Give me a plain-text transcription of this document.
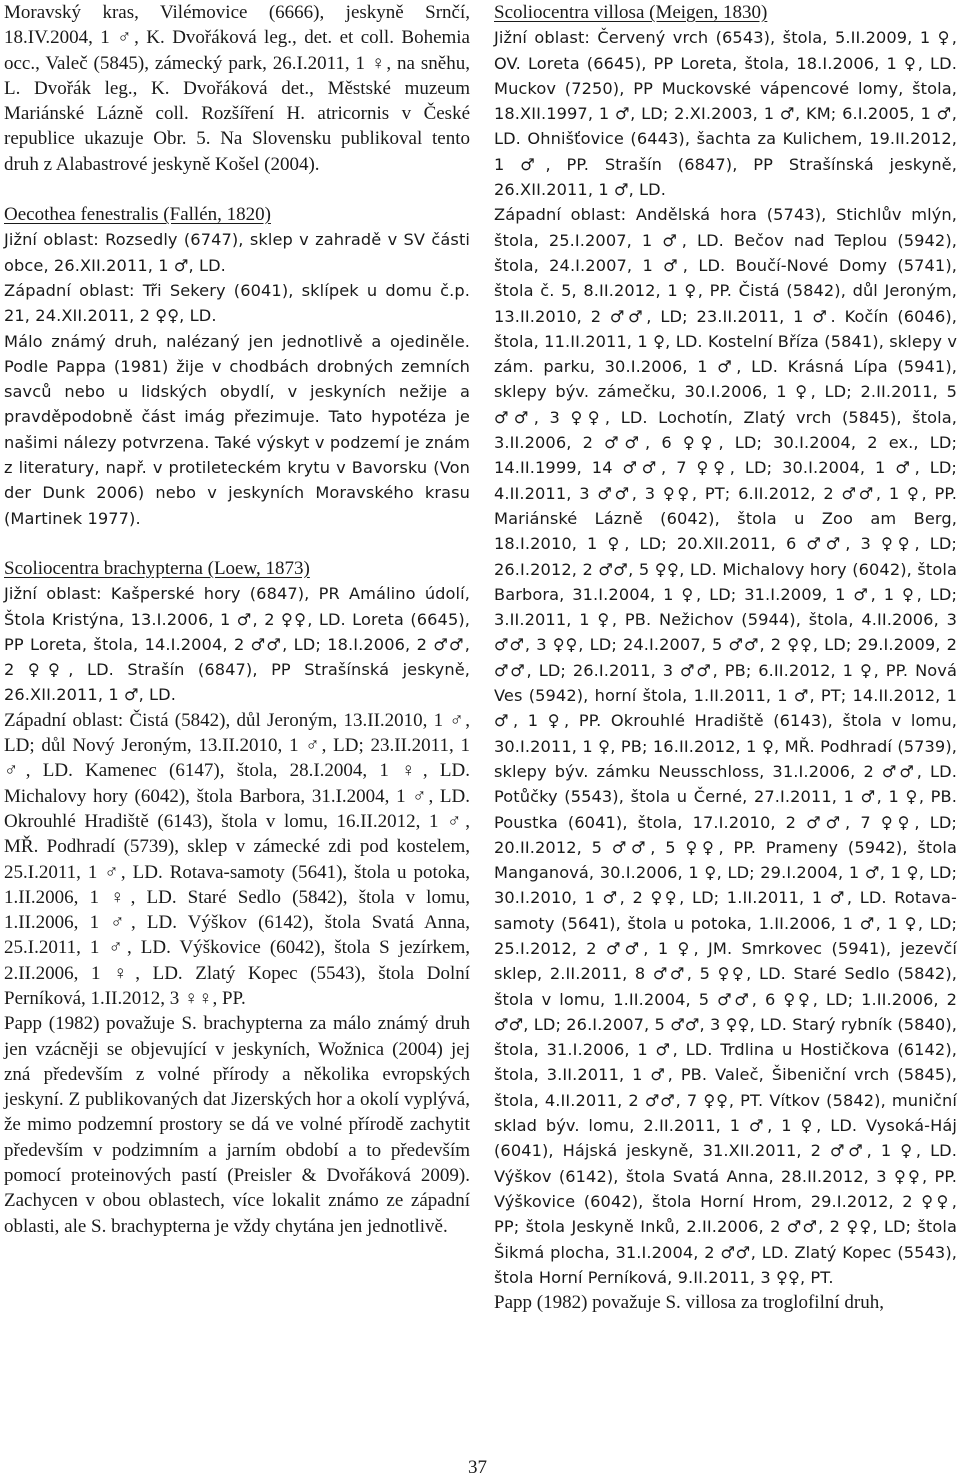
Moravský kras, Vilémovice (6666), jeskyně Srnčí, 18.IV.2004, 1 ♂, K. Dvořáková leg., det. et coll. Bohemia occ., Valeč (5845), zámecký park, 26.I.2011, 1 ♀, na sněhu, L. Dvořák leg., K. Dvořáková det., Městské muzeum Mariánské Lázně coll. Rozšíření H. atricornis v České republice ukazuje Obr. 5. Na Slovensku publikoval tento druh z Alabastrové jeskyně Košel (2004).

Oecothea fenestralis (Fallén, 1820)

Jižní oblast: Rozsedly (6747), sklep v zahradě v SV části obce, 26.XII.2011, 1 ♂, LD.

Západní oblast: Tři Sekery (6041), sklípek u domu č.p. 21, 24.XII.2011, 2 ♀♀, LD.

Málo známý druh, nalézaný jen jednotlivě a ojediněle. Podle Pappa (1981) žije v chodbách drobných zemních savců nebo u lidských obydlí, v jeskyních nežije a pravděpodobně část imág přezimuje. Tato hypotéza je našimi nálezy potvrzena. Také výskyt v podzemí je znám z literatury, např. v protileteckém krytu v Bavorsku (Von der Dunk 2006) nebo v jeskyních Moravského krasu (Martinek 1977).

Scoliocentra brachypterna (Loew, 1873)

Jižní oblast: Kašperské hory (6847), PR Amálino údolí, Štola Kristýna, 13.I.2006, 1 ♂, 2 ♀♀, LD. Loreta (6645), PP Loreta, štola, 14.I.2004, 2 ♂♂, LD; 18.I.2006, 2 ♂♂, 2 ♀♀, LD. Strašín (6847), PP Strašínská jeskyně, 26.XII.2011, 1 ♂, LD.

Západní oblast: Čistá (5842), důl Jeroným, 13.II.2010, 1 ♂, LD; důl Nový Jeroným, 13.II.2010, 1 ♂, LD; 23.II.2011, 1 ♂, LD. Kamenec (6147), štola, 28.I.2004, 1 ♀, LD. Michalovy hory (6042), štola Barbora, 31.I.2004, 1 ♂, LD. Okrouhlé Hradiště (6143), štola v lomu, 16.II.2012, 1 ♂, MŘ. Podhradí (5739), sklep v zámecké zdi pod kostelem, 25.I.2011, 1 ♂, LD. Rotava-samoty (5641), štola u potoka, 1.II.2006, 1 ♀, LD. Staré Sedlo (5842), štola v lomu, 1.II.2006, 1 ♂, LD. Výškov (6142), štola Svatá Anna, 25.I.2011, 1 ♂, LD. Výškovice (6042), štola S jezírkem, 2.II.2006, 1 ♀, LD. Zlatý Kopec (5543), štola Dolní Perníková, 1.II.2012, 3 ♀♀, PP.

Papp (1982) považuje S. brachypterna za málo známý druh jen vzácněji se objevující v jeskyních, Wožnica (2004) jej zná především z volné přírody a několika evropských jeskyní. Z publikovaných dat Jizerských hor a okolí vyplývá, že mimo podzemní prostory se dá ve volné přírodě zachytit především v podzimním a jarním období a to především pomocí proteinových pastí (Preisler & Dvořáková 2009). Zachycen v obou oblastech, více lokalit známo ze západní oblasti, ale S. brachypterna je vždy chytána jen jednotlivě.

Scoliocentra villosa (Meigen, 1830)

Jižní oblast: Červený vrch (6543), štola, 5.II.2009, 1 ♀, OV. Loreta (6645), PP Loreta, štola, 18.I.2006, 1 ♀, LD. Muckov (7250), PP Muckovské vápencové lomy, štola, 18.XII.1997, 1 ♂, LD; 2.XI.2003, 1 ♂, KM; 6.I.2005, 1 ♂, LD. Ohnišťovice (6443), šachta za Kulichem, 19.II.2012, 1 ♂, PP. Strašín (6847), PP Strašínská jeskyně, 26.XII.2011, 1 ♂, LD.

Západní oblast: Andělská hora (5743), Stichlův mlýn, štola, 25.I.2007, 1 ♂, LD. Bečov nad Teplou (5942), štola, 24.I.2007, 1 ♂, LD. Boučí-Nové Domy (5741), štola č. 5, 8.II.2012, 1 ♀, PP. Čistá (5842), důl Jeroným, 13.II.2010, 2 ♂♂, LD; 23.II.2011, 1 ♂. Kočín (6046), štola, 11.II.2011, 1 ♀, LD. Kostelní Bříza (5841), sklepy v zám. parku, 30.I.2006, 1 ♂, LD. Krásná Lípa (5941), sklepy býv. zámečku, 30.I.2006, 1 ♀, LD; 2.II.2011, 5 ♂♂, 3 ♀♀, LD. Lochotín, Zlatý vrch (5845), štola, 3.II.2006, 2 ♂♂, 6 ♀♀, LD; 30.I.2004, 2 ex., LD; 14.II.1999, 14 ♂♂, 7 ♀♀, LD; 30.I.2004, 1 ♂, LD; 4.II.2011, 3 ♂♂, 3 ♀♀, PT; 6.II.2012, 2 ♂♂, 1 ♀, PP. Mariánské Lázně (6042), štola u Zoo am Berg, 18.I.2010, 1 ♀, LD; 20.XII.2011, 6 ♂♂, 3 ♀♀, LD; 26.I.2012, 2 ♂♂, 5 ♀♀, LD. Michalovy hory (6042), štola Barbora, 31.I.2004, 1 ♀, LD; 31.I.2009, 1 ♂, 1 ♀, LD; 3.II.2011, 1 ♀, PB. Nežichov (5944), štola, 4.II.2006, 3 ♂♂, 3 ♀♀, LD; 24.I.2007, 5 ♂♂, 2 ♀♀, LD; 29.I.2009, 2 ♂♂, LD; 26.I.2011, 3 ♂♂, PB; 6.II.2012, 1 ♀, PP. Nová Ves (5942), horní štola, 1.II.2011, 1 ♂, PT; 14.II.2012, 1 ♂, 1 ♀, PP. Okrouhlé Hradiště (6143), štola v lomu, 30.I.2011, 1 ♀, PB; 16.II.2012, 1 ♀, MŘ. Podhradí (5739), sklepy býv. zámku Neusschloss, 31.I.2006, 2 ♂♂, LD. Potůčky (5543), štola u Černé, 27.I.2011, 1 ♂, 1 ♀, PB. Poustka (6041), štola, 17.I.2010, 2 ♂♂, 7 ♀♀, LD; 20.II.2012, 5 ♂♂, 5 ♀♀, PP. Prameny (5942), štola Manganová, 30.I.2006, 1 ♀, LD; 29.I.2004, 1 ♂, 1 ♀, LD; 30.I.2010, 1 ♂, 2 ♀♀, LD; 1.II.2011, 1 ♂, LD. Rotava-samoty (5641), štola u potoka, 1.II.2006, 1 ♂, 1 ♀, LD; 25.I.2012, 2 ♂♂, 1 ♀, JM. Smrkovec (5941), jezevčí sklep, 2.II.2011, 8 ♂♂, 5 ♀♀, LD. Staré Sedlo (5842), štola v lomu, 1.II.2004, 5 ♂♂, 6 ♀♀, LD; 1.II.2006, 2 ♂♂, LD; 26.I.2007, 5 ♂♂, 3 ♀♀, LD. Starý rybník (5840), štola, 31.I.2006, 1 ♂, LD. Trdlina u Hostičkova (6142), štola, 3.II.2011, 1 ♂, PB. Valeč, Šibeniční vrch (5845), štola, 4.II.2011, 2 ♂♂, 7 ♀♀, PT. Vítkov (5842), muniční sklad býv. lomu, 2.II.2011, 1 ♂, 1 ♀, LD. Vysoká-Háj (6041), Hájská jeskyně, 31.XII.2011, 2 ♂♂, 1 ♀, LD. Výškov (6142), štola Svatá Anna, 28.II.2012, 3 ♀♀, PP. Výškovice (6042), štola Horní Hrom, 29.I.2012, 2 ♀♀, PP; štola Jeskyně Inků, 2.II.2006, 2 ♂♂, 2 ♀♀, LD; štola Šikmá plocha, 31.I.2004, 2 ♂♂, LD. Zlatý Kopec (5543), štola Horní Perníková, 9.II.2011, 3 ♀♀, PT.

Papp (1982) považuje S. villosa za troglofilní druh,

37
